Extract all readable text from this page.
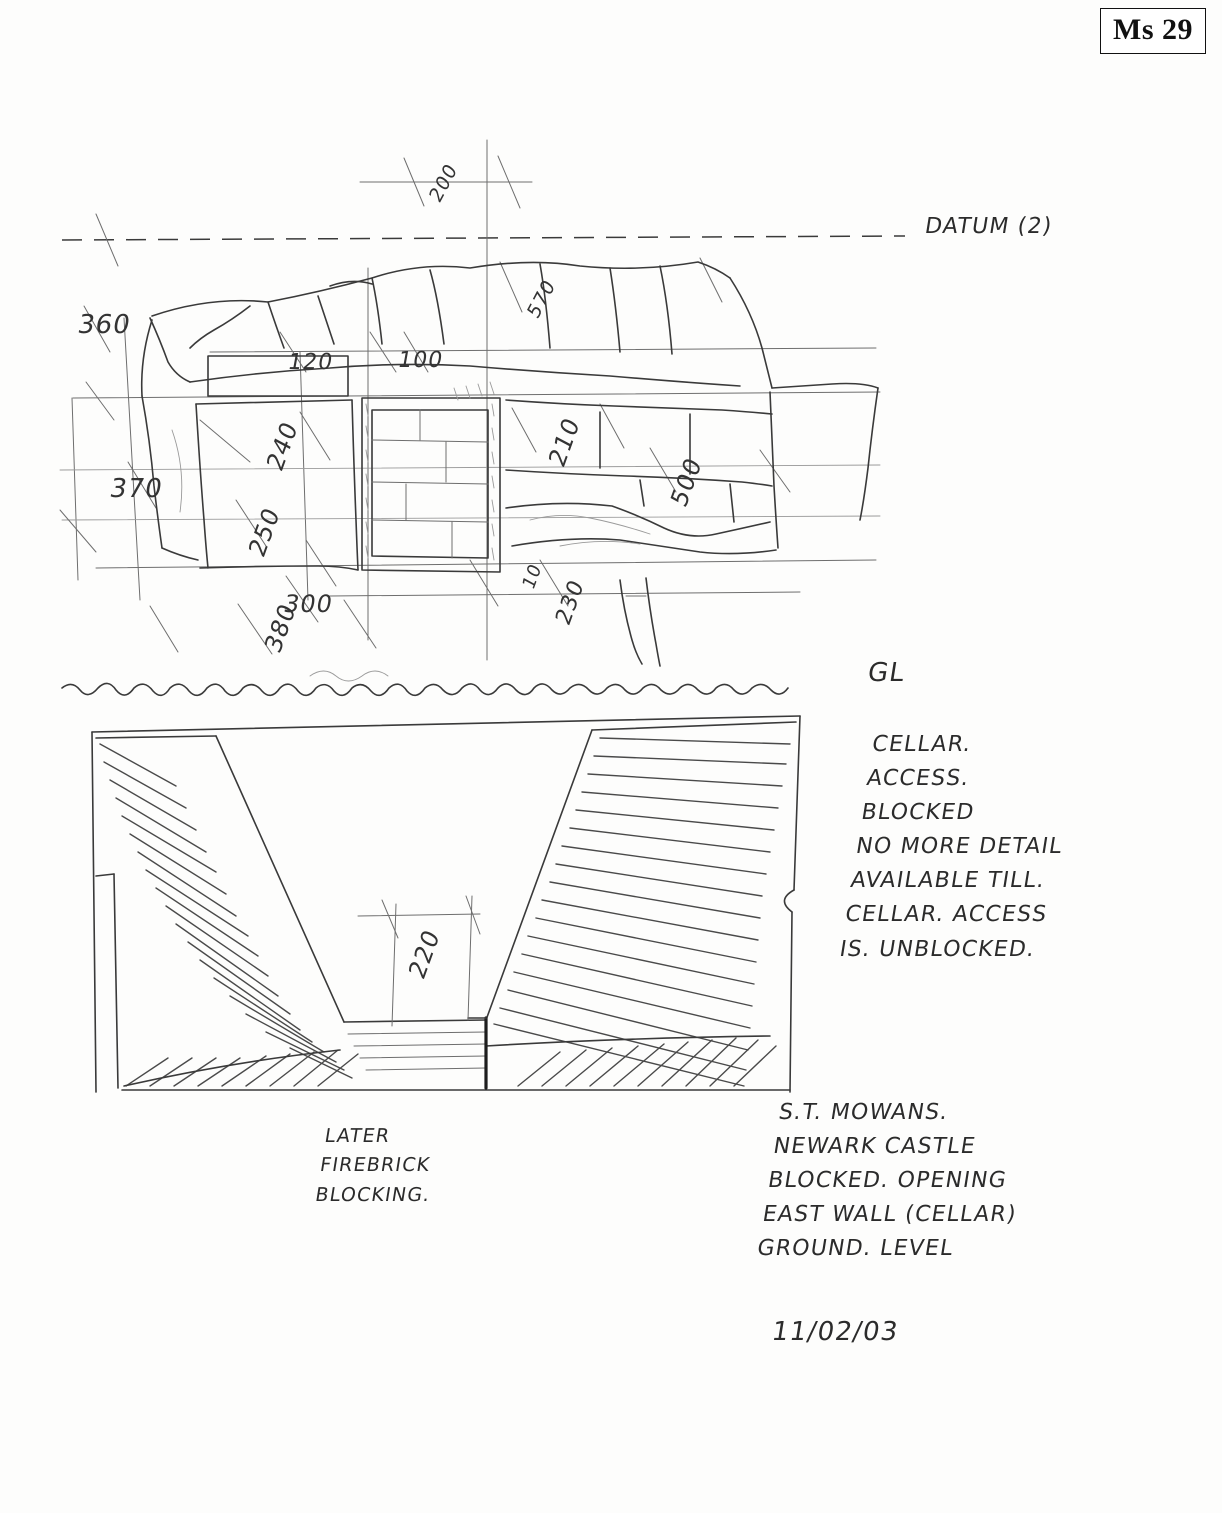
Ms 29
DATUM (2)
GL
200
570
360
120	100
240	210
500
370
250
300
380	230
10
220
CELLAR.
ACCESS.
BLOCKED
NO MORE DETAIL
AVAILABLE TILL.
CELLAR. ACCESS
IS. UNBLOCKED.
LATER
FIREBRICK
BLOCKING.
S.T. MOWANS.
NEWARK CASTLE
BLOCKED. OPENING
EAST WALL (CELLAR)
GROUND. LEVEL
11/02/03
